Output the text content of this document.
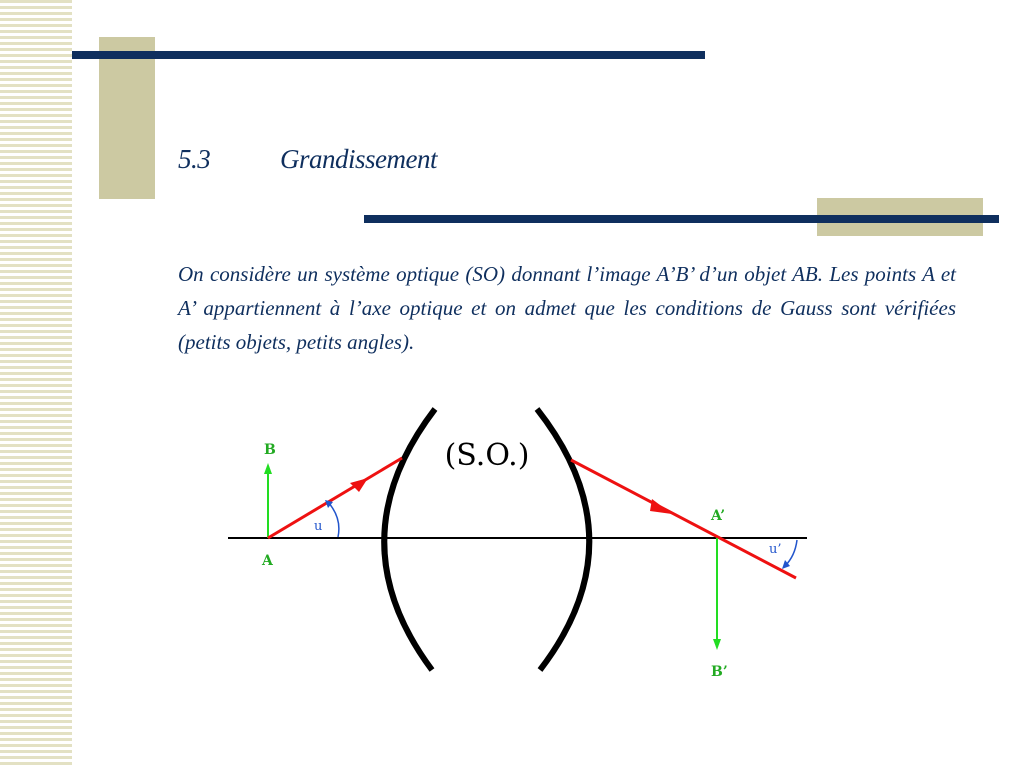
5.3	Grandissement
On considère un système optique (SO) donnant l’image A’B’ d’un objet AB. Les points A et A’ appartiennent à l’axe optique et on admet que les conditions de Gauss sont vérifiées (petits objets, petits angles).
(S.O.)
B
A
u
A’
B’
u’
